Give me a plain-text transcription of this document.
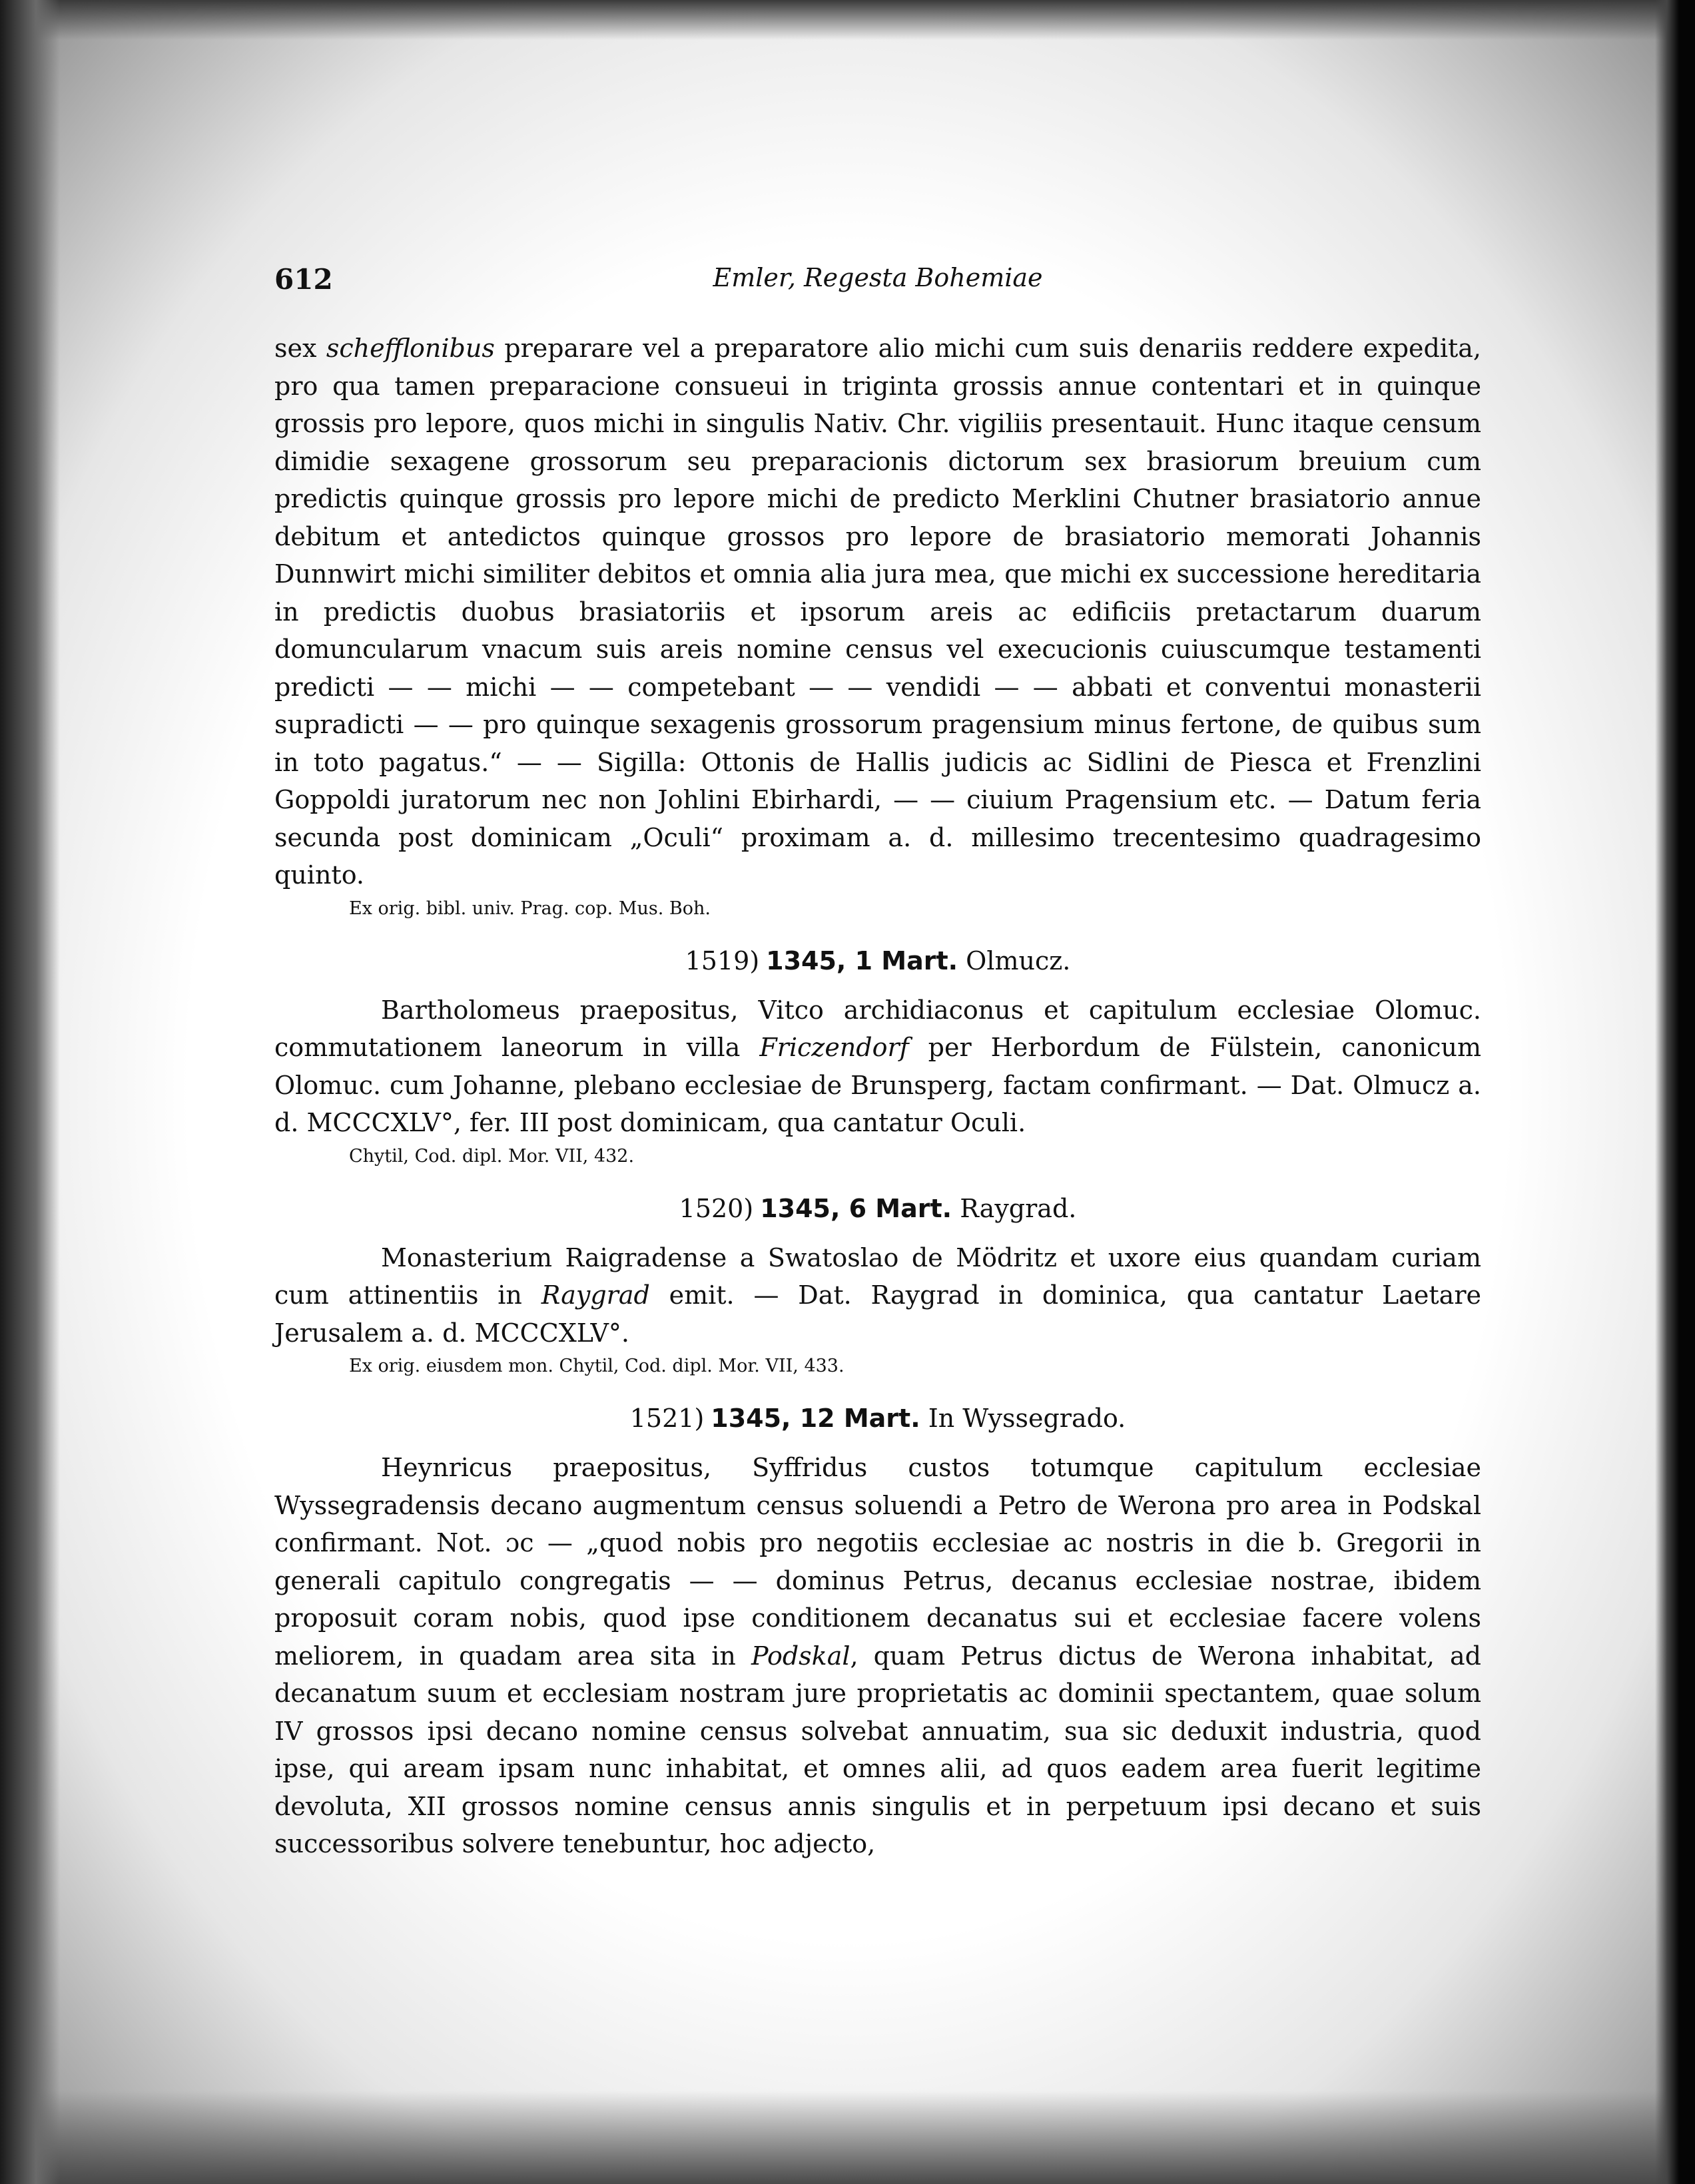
612	Emler, Regesta Bohemiae

sex schefflonibus preparare vel a preparatore alio michi cum suis denariis reddere expedita, pro qua tamen preparacione consueui in triginta grossis annue contentari et in quinque grossis pro lepore, quos michi in singulis Nativ. Chr. vigiliis presentauit. Hunc itaque censum dimidie sexagene grossorum seu preparacionis dictorum sex brasiorum breuium cum predictis quinque grossis pro lepore michi de predicto Merklini Chutner brasiatorio annue debitum et antedictos quinque grossos pro lepore de brasiatorio memorati Johannis Dunnwirt michi similiter debitos et omnia alia jura mea, que michi ex successione hereditaria in predictis duobus brasiatoriis et ipsorum areis ac edificiis pretactarum duarum domuncularum vnacum suis areis nomine census vel execucionis cuiuscumque testamenti predicti — — michi — — competebant — — vendidi — — abbati et conventui monasterii supradicti — — pro quinque sexagenis grossorum pragensium minus fertone, de quibus sum in toto pagatus.“ — — Sigilla: Ottonis de Hallis judicis ac Sidlini de Piesca et Frenzlini Goppoldi juratorum nec non Johlini Ebirhardi, — — ciuium Pragensium etc. — Datum feria secunda post dominicam „Oculi“ proximam a. d. millesimo trecentesimo quadragesimo quinto.

Ex orig. bibl. univ. Prag. cop. Mus. Boh.
1519) 1345, 1 Mart. Olmucz.

Bartholomeus praepositus, Vitco archidiaconus et capitulum ecclesiae Olomuc. commutationem laneorum in villa Friczendorf per Herbordum de Fülstein, canonicum Olomuc. cum Johanne, plebano ecclesiae de Brunsperg, factam confirmant. — Dat. Olmucz a. d. MCCCXLV°, fer. III post dominicam, qua cantatur Oculi.

Chytil, Cod. dipl. Mor. VII, 432.
1520) 1345, 6 Mart. Raygrad.

Monasterium Raigradense a Swatoslao de Mödritz et uxore eius quandam curiam cum attinentiis in Raygrad emit. — Dat. Raygrad in dominica, qua cantatur Laetare Jerusalem a. d. MCCCXLV°.

Ex orig. eiusdem mon. Chytil, Cod. dipl. Mor. VII, 433.
1521) 1345, 12 Mart. In Wyssegrado.

Heynricus praepositus, Syffridus custos totumque capitulum ecclesiae Wyssegradensis decano augmentum census soluendi a Petro de Werona pro area in Podskal confirmant. Not. ɔc — „quod nobis pro negotiis ecclesiae ac nostris in die b. Gregorii in generali capitulo congregatis — — dominus Petrus, decanus ecclesiae nostrae, ibidem proposuit coram nobis, quod ipse conditionem decanatus sui et ecclesiae facere volens meliorem, in quadam area sita in Podskal, quam Petrus dictus de Werona inhabitat, ad decanatum suum et ecclesiam nostram jure proprietatis ac dominii spectantem, quae solum IV grossos ipsi decano nomine census solvebat annuatim, sua sic deduxit industria, quod ipse, qui aream ipsam nunc inhabitat, et omnes alii, ad quos eadem area fuerit legitime devoluta, XII grossos nomine census annis singulis et in perpetuum ipsi decano et suis successoribus solvere tenebuntur, hoc adjecto,
